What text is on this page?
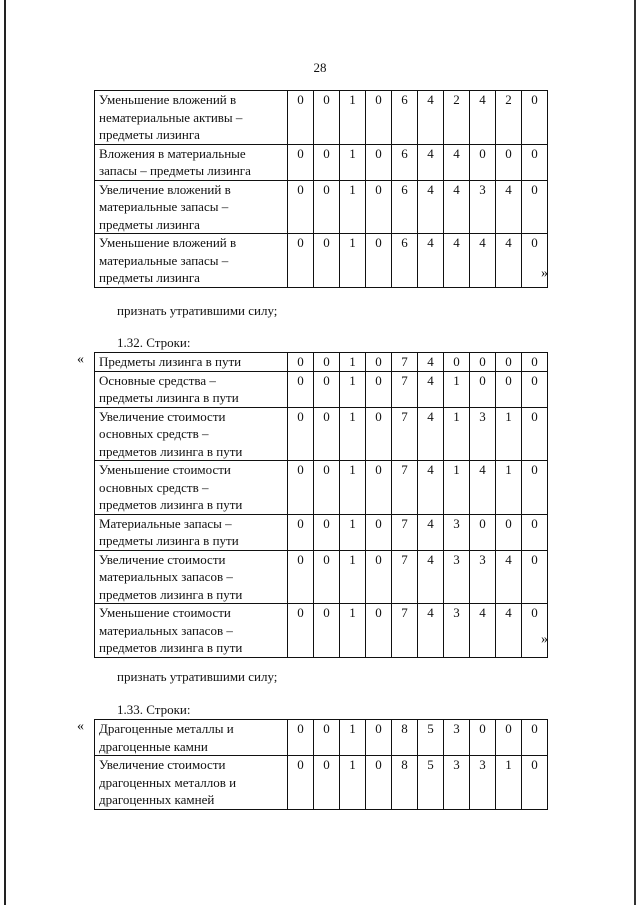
28
Уменьшение вложений в
нематериальные активы –
предметы лизинга	0	0	1	0	6	4	2	4	2	0

Вложения в материальные
запасы – предметы лизинга	0	0	1	0	6	4	4	0	0	0

Увеличение вложений в
материальные запасы –
предметы лизинга	0	0	1	0	6	4	4	3	4	0

Уменьшение вложений в
материальные запасы –
предметы лизинга	0	0	1	0	6	4	4	4	4	0
»
признать утратившими силу;
1.32. Строки:
« Предметы лизинга в пути	0	0	1	0	7	4	0	0	0	0

Основные средства –
предметы лизинга в пути	0	0	1	0	7	4	1	0	0	0

Увеличение стоимости
основных средств –
предметов лизинга в пути	0	0	1	0	7	4	1	3	1	0

Уменьшение стоимости
основных средств –
предметов лизинга в пути	0	0	1	0	7	4	1	4	1	0

Материальные запасы –
предметы лизинга в пути	0	0	1	0	7	4	3	0	0	0

Увеличение стоимости
материальных запасов –
предметов лизинга в пути	0	0	1	0	7	4	3	3	4	0

Уменьшение стоимости
материальных запасов –
предметов лизинга в пути	0	0	1	0	7	4	3	4	4	0
»
признать утратившими силу;
1.33. Строки:
« Драгоценные металлы и
драгоценные камни	0	0	1	0	8	5	3	0	0	0

Увеличение стоимости
драгоценных металлов и
драгоценных камней	0	0	1	0	8	5	3	3	1	0
